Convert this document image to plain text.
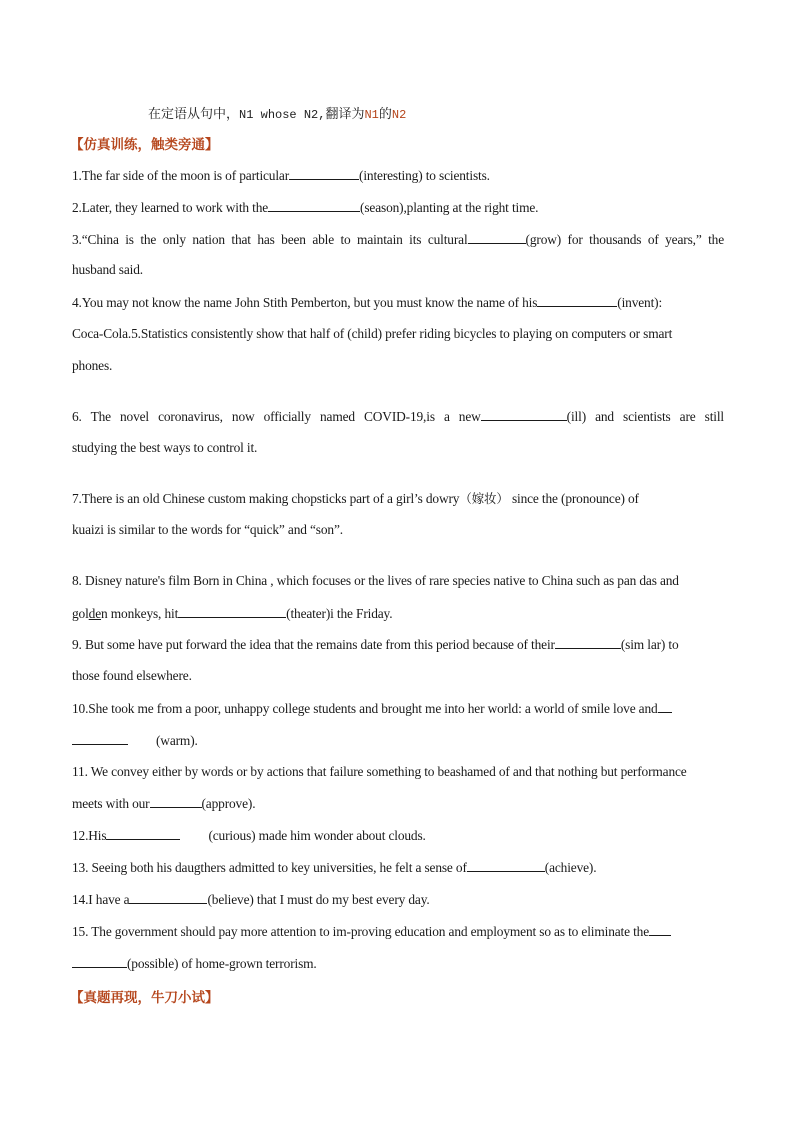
在定语从句中，N1 whose N2,翻译为N1的N2
【仿真训练，触类旁通】
1.The far side of the moon is of particular	(interesting) to scientists.
2.Later, they learned to work with the	(season),planting at the right time.
3.“China is the only nation that has been able to maintain its cultural	(grow) for thousands of years,” the
husband said.
4.You may not know the name John Stith Pemberton, but you must know the name of his	(invent):
Coca-Cola.5.Statistics consistently show that half of (child) prefer riding bicycles to playing on computers or smart
phones.
6. The novel coronavirus, now officially named COVID-19,is a new	(ill) and scientists are still
studying the best ways to control it.
7.There is an old Chinese custom making chopsticks part of a girl’s dowry（嫁妆） since the (pronounce) of
kuaizi is similar to the words for “quick” and “son”.
8. Disney nature's film Born in China , which focuses or the lives of rare species native to China such as pan das and
golden monkeys, hit	(theater)i the Friday.
9. But some have put forward the idea that the remains date from this period because of their	(sim lar) to
those found elsewhere.
10.She took me from a poor, unhappy college students and brought me into her world: a world of smile love and
(warm).
11. We convey either by words or by actions that failure something to beashamed of and that nothing but performance
meets with our	(approve).
12.His	(curious) made him wonder about clouds.
13. Seeing both his daugthers admitted to key universities, he felt a sense of	(achieve).
14.I have a	(believe) that I must do my best every day.
15. The government should pay more attention to im-proving education and employment so as to eliminate the
(possible) of home-grown terrorism.
【真题再现，牛刀小试】
